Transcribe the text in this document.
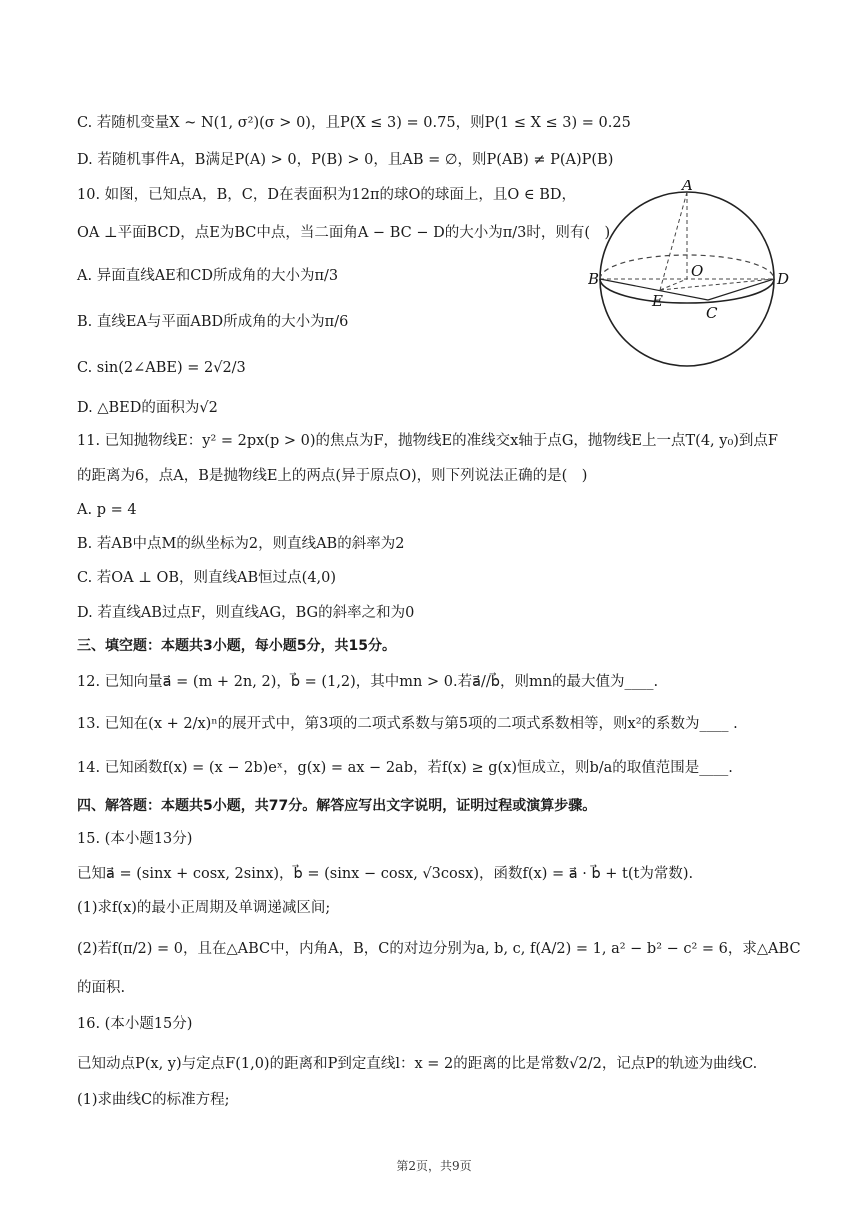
C. 若随机变量X ~ N(1, σ²)(σ > 0)，且P(X ≤ 3) = 0.75，则P(1 ≤ X ≤ 3) = 0.25
D. 若随机事件A，B满足P(A) > 0，P(B) > 0，且AB = ∅，则P(AB) ≠ P(A)P(B)
10. 如图，已知点A，B，C，D在表面积为12π的球O的球面上，且O ∈ BD，
OA ⊥平面BCD，点E为BC中点，当二面角A − BC − D的大小为π/3时，则有(　)
A. 异面直线AE和CD所成角的大小为π/3
B. 直线EA与平面ABD所成角的大小为π/6
C. sin(2∠ABE) = 2√2/3
D. △BED的面积为√2
11. 已知抛物线E：y² = 2px(p > 0)的焦点为F，抛物线E的准线交x轴于点G，抛物线E上一点T(4, y₀)到点F
的距离为6，点A，B是抛物线E上的两点(异于原点O)，则下列说法正确的是(　)
A. p = 4
B. 若AB中点M的纵坐标为2，则直线AB的斜率为2
C. 若OA ⊥ OB，则直线AB恒过点(4,0)
D. 若直线AB过点F，则直线AG，BG的斜率之和为0
三、填空题：本题共3小题，每小题5分，共15分。
12. 已知向量a⃗ = (m + 2n, 2)，b⃗ = (1,2)，其中mn > 0.若a⃗//b⃗，则mn的最大值为____.
13. 已知在(x + 2/x)ⁿ的展开式中，第3项的二项式系数与第5项的二项式系数相等，则x²的系数为____ .
14. 已知函数f(x) = (x − 2b)eˣ，g(x) = ax − 2ab，若f(x) ≥ g(x)恒成立，则b/a的取值范围是____.
四、解答题：本题共5小题，共77分。解答应写出文字说明，证明过程或演算步骤。
15. (本小题13分)
已知a⃗ = (sinx + cosx, 2sinx)，b⃗ = (sinx − cosx, √3cosx)，函数f(x) = a⃗ · b⃗ + t(t为常数).
(1)求f(x)的最小正周期及单调递减区间;
(2)若f(π/2) = 0，且在△ABC中，内角A，B，C的对边分别为a, b, c, f(A/2) = 1, a² − b² − c² = 6，求△ABC
的面积.
16. (本小题15分)
已知动点P(x, y)与定点F(1,0)的距离和P到定直线l：x = 2的距离的比是常数√2/2，记点P的轨迹为曲线C.
(1)求曲线C的标准方程;
A
B	D
O
E
C
第2页，共9页
